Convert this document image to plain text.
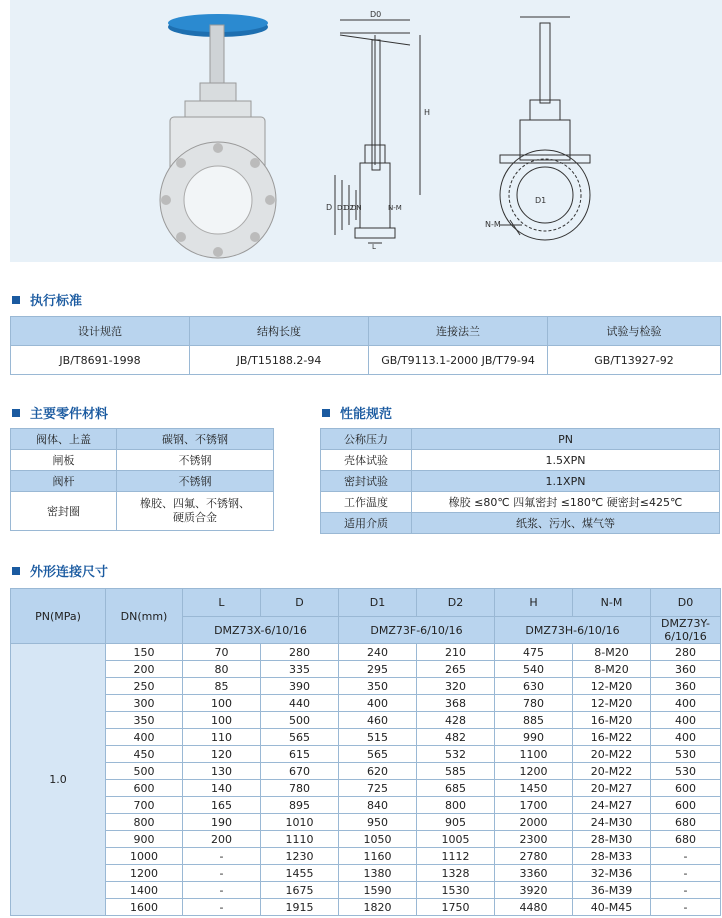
D0
H
D D1
D2
DN	N-M
L
D1
N-M
执行标准
设计规范	结构长度	连接法兰	试验与检验
JB/T8691-1998	JB/T15188.2-94	GB/T9113.1-2000 JB/T79-94	GB/T13927-92
主要零件材料
阀体、上盖	碳钢、不锈钢
闸板	不锈钢
阀杆	不锈钢
密封圈	橡胶、四氟、不锈钢、
硬质合金
性能规范
公称压力	PN
壳体试验	1.5XPN
密封试验	1.1XPN
工作温度	橡胶 ≤80℃ 四氟密封 ≤180℃ 硬密封≤425℃
适用介质	纸浆、污水、煤气等
外形连接尺寸
PN(MPa)	DN(mm)	L	D	D1	D2	H	N-M	D0
		DMZ73X-6/10/16		DMZ73F-6/10/16		DMZ73H-6/10/16		DMZ73Y-6/10/16
1.0	150	70	280	240	210	475	8-M20	280
	200	80	335	295	265	540	8-M20	360
	250	85	390	350	320	630	12-M20	360
	300	100	440	400	368	780	12-M20	400
	350	100	500	460	428	885	16-M20	400
	400	110	565	515	482	990	16-M22	400
	450	120	615	565	532	1100	20-M22	530
	500	130	670	620	585	1200	20-M22	530
	600	140	780	725	685	1450	20-M27	600
	700	165	895	840	800	1700	24-M27	600
	800	190	1010	950	905	2000	24-M30	680
	900	200	1110	1050	1005	2300	28-M30	680
	1000	-	1230	1160	1112	2780	28-M33	-
	1200	-	1455	1380	1328	3360	32-M36	-
	1400	-	1675	1590	1530	3920	36-M39	-
	1600	-	1915	1820	1750	4480	40-M45	-
